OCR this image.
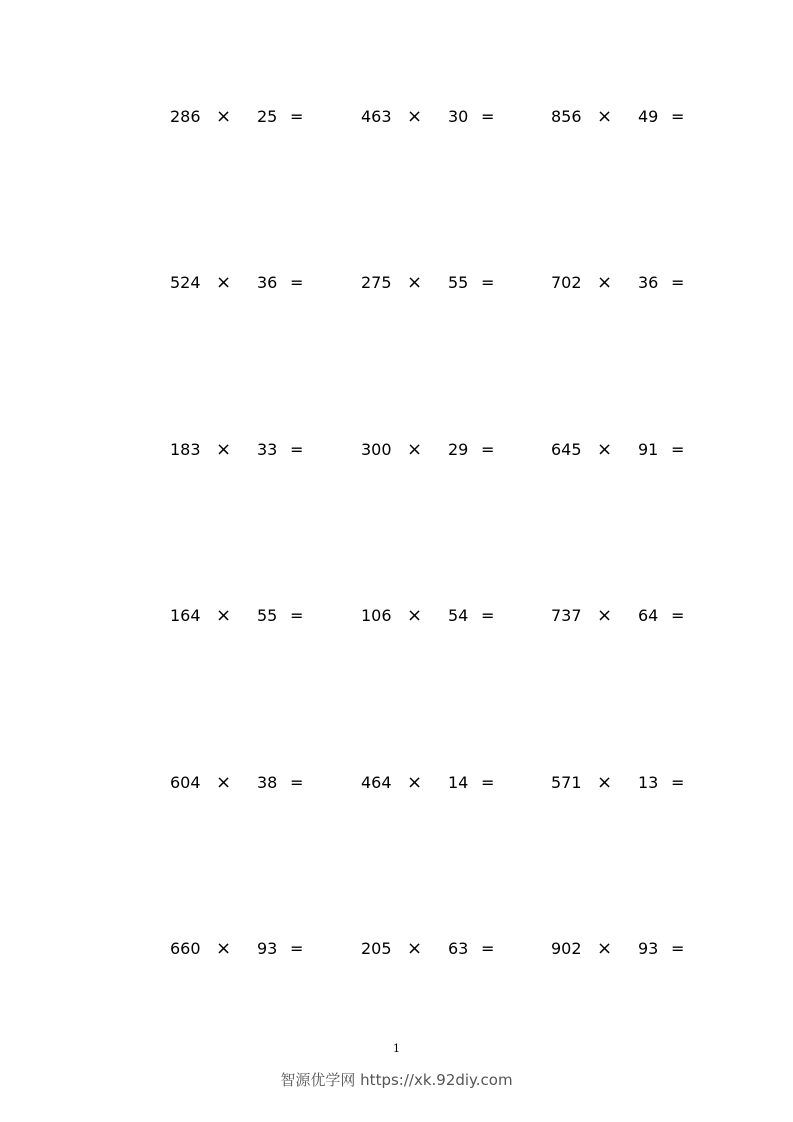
286 × 25 =	463 × 30 =	856 × 49 =
524 × 36 =	275 × 55 =	702 × 36 =
183 × 33 =	300 × 29 =	645 × 91 =
164 × 55 =	106 × 54 =	737 × 64 =
604 × 38 =	464 × 14 =	571 × 13 =
660 × 93 =	205 × 63 =	902 × 93 =
1
智源优学网 https://xk.92diy.com
